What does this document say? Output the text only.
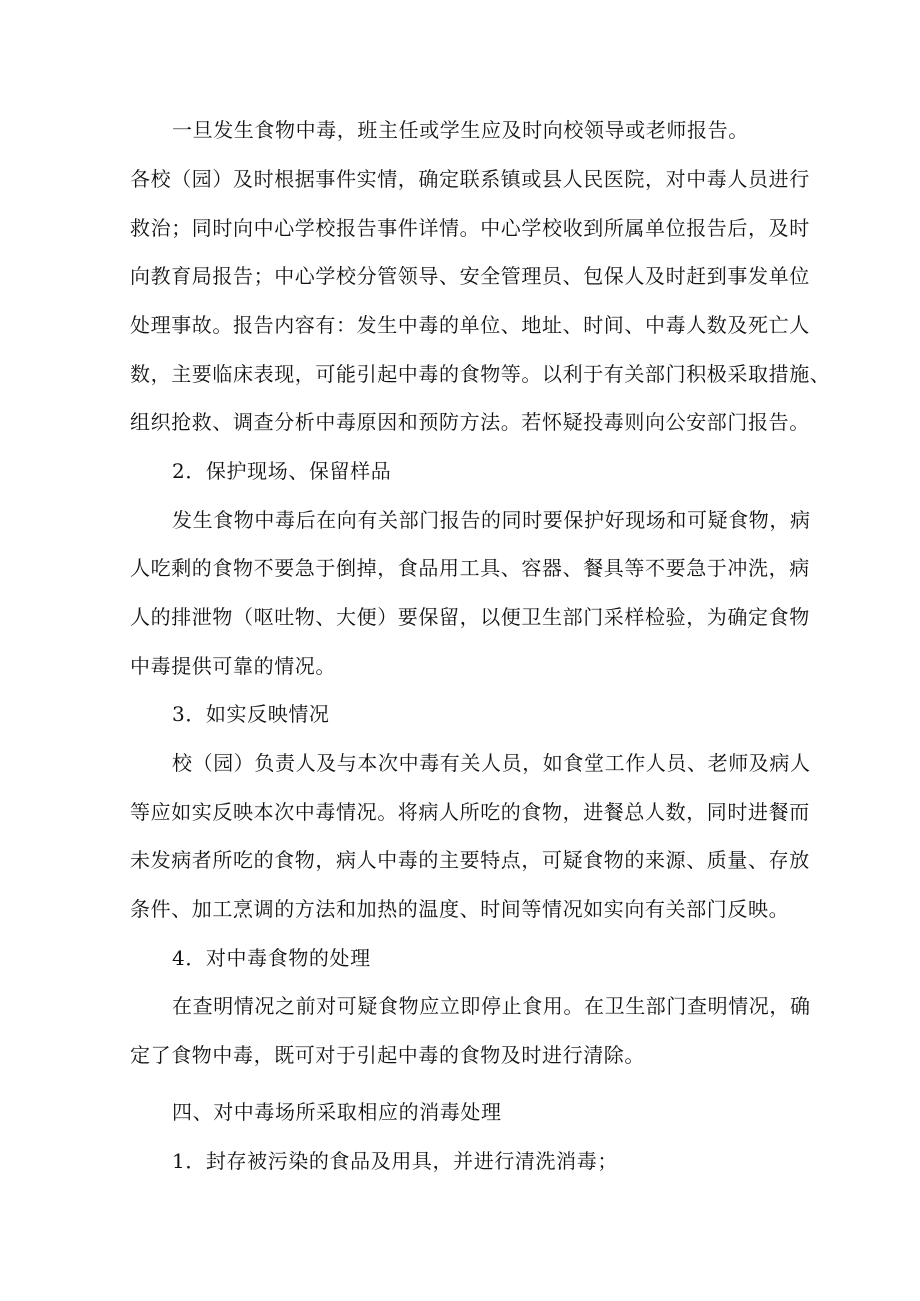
一旦发生食物中毒，班主任或学生应及时向校领导或老师报告。
各校（园）及时根据事件实情，确定联系镇或县人民医院，对中毒人员进行
救治；同时向中心学校报告事件详情。中心学校收到所属单位报告后，及时
向教育局报告；中心学校分管领导、安全管理员、包保人及时赶到事发单位
处理事故。报告内容有：发生中毒的单位、地址、时间、中毒人数及死亡人
数，主要临床表现，可能引起中毒的食物等。以利于有关部门积极采取措施、
组织抢救、调查分析中毒原因和预防方法。若怀疑投毒则向公安部门报告。
2．保护现场、保留样品
发生食物中毒后在向有关部门报告的同时要保护好现场和可疑食物，病
人吃剩的食物不要急于倒掉，食品用工具、容器、餐具等不要急于冲洗，病
人的排泄物（呕吐物、大便）要保留，以便卫生部门采样检验，为确定食物
中毒提供可靠的情况。
3．如实反映情况
校（园）负责人及与本次中毒有关人员，如食堂工作人员、老师及病人
等应如实反映本次中毒情况。将病人所吃的食物，进餐总人数，同时进餐而
未发病者所吃的食物，病人中毒的主要特点，可疑食物的来源、质量、存放
条件、加工烹调的方法和加热的温度、时间等情况如实向有关部门反映。
4．对中毒食物的处理
在查明情况之前对可疑食物应立即停止食用。在卫生部门查明情况，确
定了食物中毒，既可对于引起中毒的食物及时进行清除。
四、对中毒场所采取相应的消毒处理
1．封存被污染的食品及用具，并进行清洗消毒；
